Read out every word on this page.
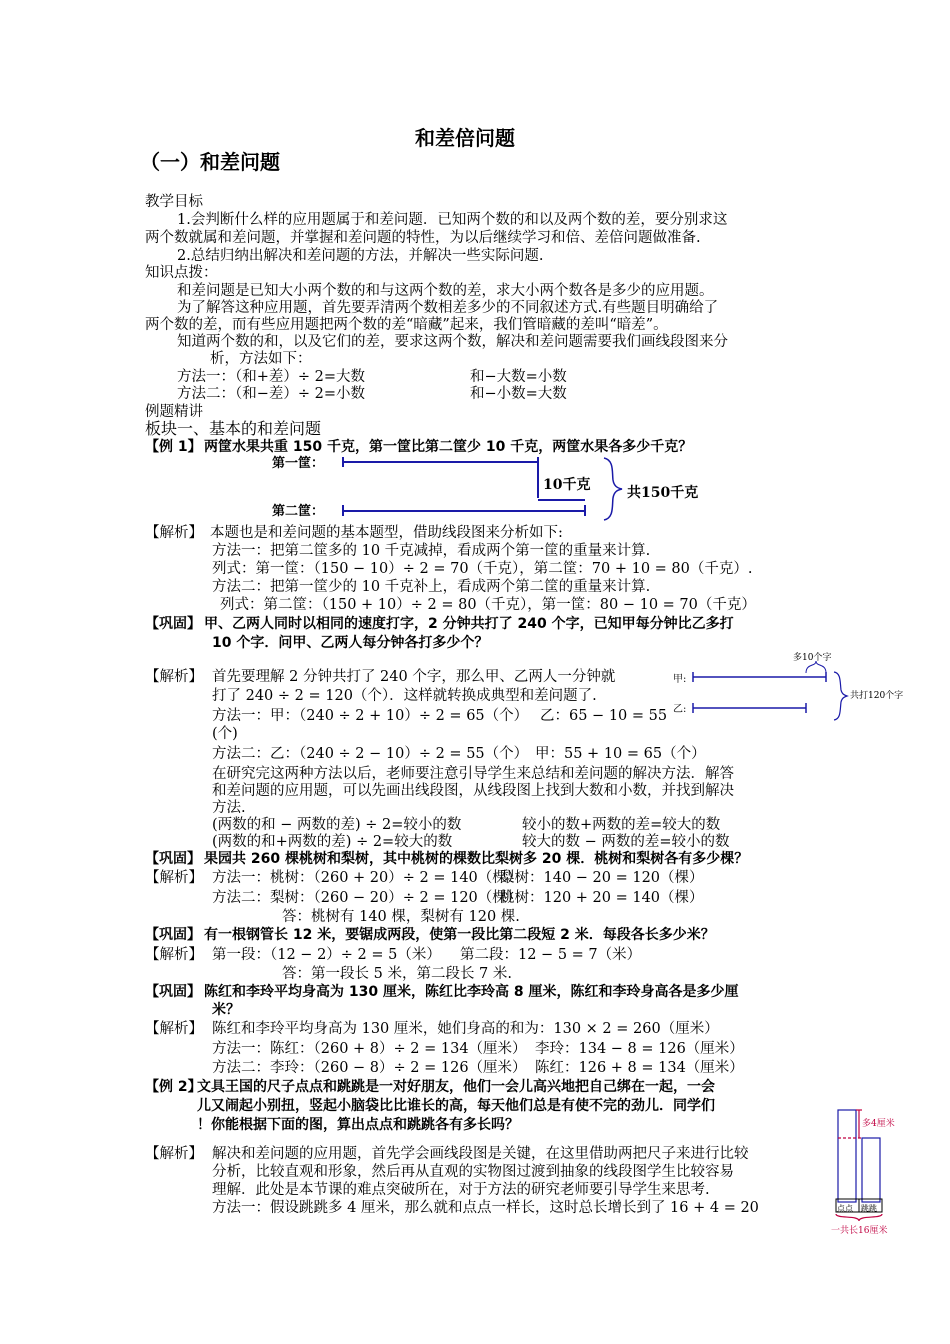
和差倍问题
（一）和差问题
教学目标
1.会判断什么样的应用题属于和差问题．已知两个数的和以及两个数的差，要分别求这
两个数就属和差问题，并掌握和差问题的特性，为以后继续学习和倍、差倍问题做准备.
2.总结归纳出解决和差问题的方法，并解决一些实际问题.
知识点拨：
和差问题是已知大小两个数的和与这两个数的差，求大小两个数各是多少的应用题。
为了解答这种应用题，首先要弄清两个数相差多少的不同叙述方式.有些题目明确给了
两个数的差，而有些应用题把两个数的差“暗藏”起来，我们管暗藏的差叫“暗差”。
知道两个数的和，以及它们的差，要求这两个数，解决和差问题需要我们画线段图来分
析，方法如下：
方法一：（和+差）÷ 2=大数	和−大数=小数
方法二：（和−差）÷ 2=小数	和−小数=大数
例题精讲
板块一、基本的和差问题
【例 1】 两筐水果共重 150 千克，第一筐比第二筐少 10 千克，两筐水果各多少千克？
第一筐：
第二筐：
10千克	共150千克
【解析】 本题也是和差问题的基本题型，借助线段图来分析如下:
方法一：把第二筐多的 10 千克减掉，看成两个第一筐的重量来计算.
列式：第一筐：（150 − 10）÷ 2 = 70（千克），第二筐：70 + 10 = 80（千克）.
方法二：把第一筐少的 10 千克补上，看成两个第二筐的重量来计算.
列式：第二筐：（150 + 10）÷ 2 = 80（千克），第一筐：80 − 10 = 70（千克）
【巩固】 甲、乙两人同时以相同的速度打字，2 分钟共打了 240 个字，已知甲每分钟比乙多打
10 个字．问甲、乙两人每分钟各打多少个？
多10个字
甲:
乙:
共打120个字
【解析】 首先要理解 2 分钟共打了 240 个字，那么甲、乙两人一分钟就
打了 240 ÷ 2 = 120（个）．这样就转换成典型和差问题了.
方法一：甲：（240 ÷ 2 + 10）÷ 2 = 65（个） 乙：65 − 10 = 55
(个)
方法二：乙：（240 ÷ 2 − 10）÷ 2 = 55（个） 甲：55 + 10 = 65（个）
在研究完这两种方法以后，老师要注意引导学生来总结和差问题的解决方法．解答
和差问题的应用题，可以先画出线段图，从线段图上找到大数和小数，并找到解决
方法.
(两数的和 − 两数的差) ÷ 2=较小的数	较小的数+两数的差=较大的数
(两数的和+两数的差) ÷ 2=较大的数	较大的数 − 两数的差=较小的数
【巩固】 果园共 260 棵桃树和梨树，其中桃树的棵数比梨树多 20 棵．桃树和梨树各有多少棵？
【解析】 方法一：桃树：（260 + 20）÷ 2 = 140（棵）
梨树：140 − 20 = 120（棵）
方法二：梨树：（260 − 20）÷ 2 = 120（棵）
桃树：120 + 20 = 140（棵）
答：桃树有 140 棵，梨树有 120 棵.
【巩固】 有一根钢管长 12 米，要锯成两段，使第一段比第二段短 2 米．每段各长多少米？
【解析】 第一段：（12 − 2）÷ 2 = 5（米） 第二段：12 − 5 = 7（米）
答：第一段长 5 米，第二段长 7 米.
【巩固】 陈红和李玲平均身高为 130 厘米，陈红比李玲高 8 厘米，陈红和李玲身高各是多少厘
米？
【解析】 陈红和李玲平均身高为 130 厘米，她们身高的和为：130 × 2 = 260（厘米）
方法一：陈红：（260 + 8）÷ 2 = 134（厘米） 李玲：134 − 8 = 126（厘米）
方法二：李玲：（260 − 8）÷ 2 = 126（厘米） 陈红：126 + 8 = 134（厘米）
【例 2】
文具王国的尺子点点和跳跳是一对好朋友，他们一会儿高兴地把自己绑在一起，一会
儿又闹起小别扭，竖起小脑袋比比谁长的高，每天他们总是有使不完的劲儿．同学们
！你能根据下面的图，算出点点和跳跳各有多长吗？
【解析】 解决和差问题的应用题，首先学会画线段图是关键，在这里借助两把尺子来进行比较
分析，比较直观和形象，然后再从直观的实物图过渡到抽象的线段图学生比较容易
理解．此处是本节课的难点突破所在，对于方法的研究老师要引导学生来思考.
方法一：假设跳跳多 4 厘米，那么就和点点一样长，这时总长增长到了 16 + 4 = 20
多4厘米
点点 跳跳
一共长16厘米
